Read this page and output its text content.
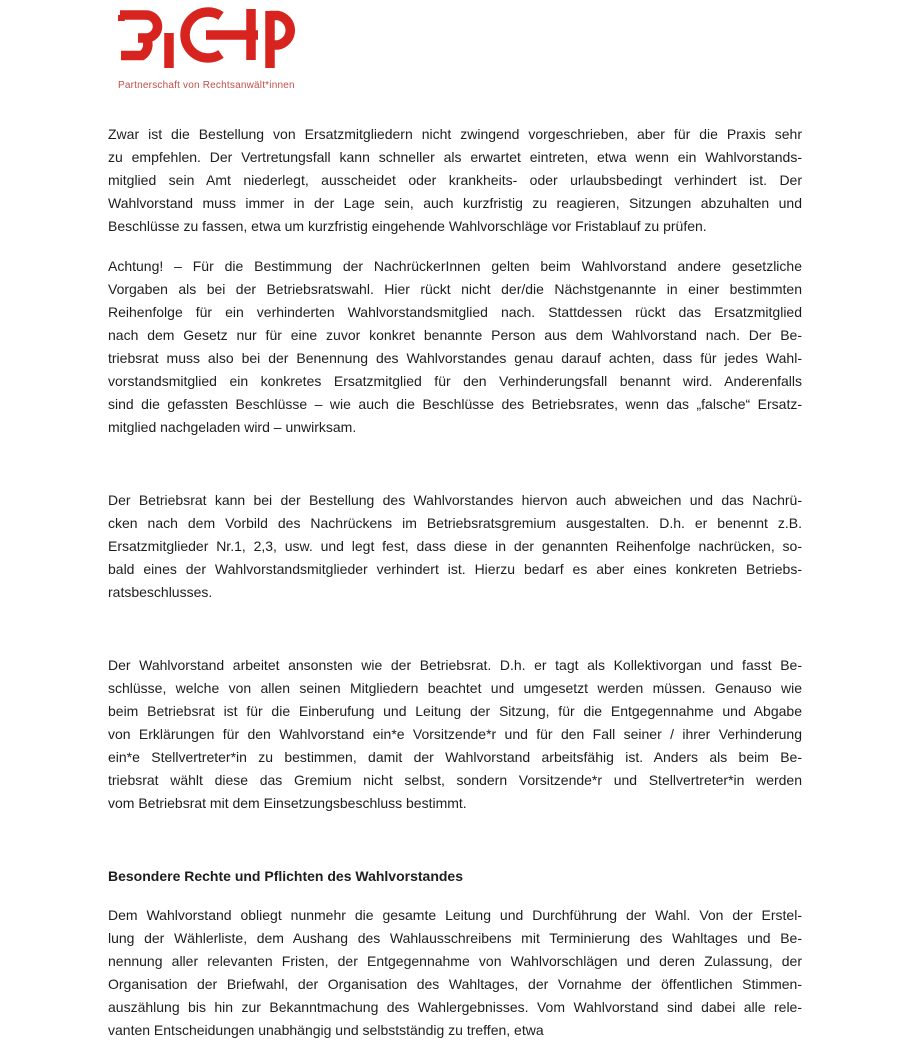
Partnerschaft von Rechtsanwält*innen
Zwar ist die Bestellung von Ersatzmitgliedern nicht zwingend vorgeschrieben, aber für die Praxis sehr
zu empfehlen. Der Vertretungsfall kann schneller als erwartet eintreten, etwa wenn ein Wahlvorstands-
mitglied sein Amt niederlegt, ausscheidet oder krankheits- oder urlaubsbedingt verhindert ist. Der
Wahlvorstand muss immer in der Lage sein, auch kurzfristig zu reagieren, Sitzungen abzuhalten und
Beschlüsse zu fassen, etwa um kurzfristig eingehende Wahlvorschläge vor Fristablauf zu prüfen.
Achtung! – Für die Bestimmung der NachrückerInnen gelten beim Wahlvorstand andere gesetzliche
Vorgaben als bei der Betriebsratswahl. Hier rückt nicht der/die Nächstgenannte in einer bestimmten
Reihenfolge für ein verhinderten Wahlvorstandsmitglied nach. Stattdessen rückt das Ersatzmitglied
nach dem Gesetz nur für eine zuvor konkret benannte Person aus dem Wahlvorstand nach. Der Be-
triebsrat muss also bei der Benennung des Wahlvorstandes genau darauf achten, dass für jedes Wahl-
vorstandsmitglied ein konkretes Ersatzmitglied für den Verhinderungsfall benannt wird. Anderenfalls
sind die gefassten Beschlüsse – wie auch die Beschlüsse des Betriebsrates, wenn das „falsche“ Ersatz-
mitglied nachgeladen wird – unwirksam.
Der Betriebsrat kann bei der Bestellung des Wahlvorstandes hiervon auch abweichen und das Nachrü-
cken nach dem Vorbild des Nachrückens im Betriebsratsgremium ausgestalten. D.h. er benennt z.B.
Ersatzmitglieder Nr.1, 2,3, usw. und legt fest, dass diese in der genannten Reihenfolge nachrücken, so-
bald eines der Wahlvorstandsmitglieder verhindert ist. Hierzu bedarf es aber eines konkreten Betriebs-
ratsbeschlusses.
Der Wahlvorstand arbeitet ansonsten wie der Betriebsrat. D.h. er tagt als Kollektivorgan und fasst Be-
schlüsse, welche von allen seinen Mitgliedern beachtet und umgesetzt werden müssen. Genauso wie
beim Betriebsrat ist für die Einberufung und Leitung der Sitzung, für die Entgegennahme und Abgabe
von Erklärungen für den Wahlvorstand ein*e Vorsitzende*r und für den Fall seiner / ihrer Verhinderung
ein*e Stellvertreter*in zu bestimmen, damit der Wahlvorstand arbeitsfähig ist. Anders als beim Be-
triebsrat wählt diese das Gremium nicht selbst, sondern Vorsitzende*r und Stellvertreter*in werden
vom Betriebsrat mit dem Einsetzungsbeschluss bestimmt.
Besondere Rechte und Pflichten des Wahlvorstandes
Dem Wahlvorstand obliegt nunmehr die gesamte Leitung und Durchführung der Wahl. Von der Erstel-
lung der Wählerliste, dem Aushang des Wahlausschreibens mit Terminierung des Wahltages und Be-
nennung aller relevanten Fristen, der Entgegennahme von Wahlvorschlägen und deren Zulassung, der
Organisation der Briefwahl, der Organisation des Wahltages, der Vornahme der öffentlichen Stimmen-
auszählung bis hin zur Bekanntmachung des Wahlergebnisses. Vom Wahlvorstand sind dabei alle rele-
vanten Entscheidungen unabhängig und selbstständig zu treffen, etwa
